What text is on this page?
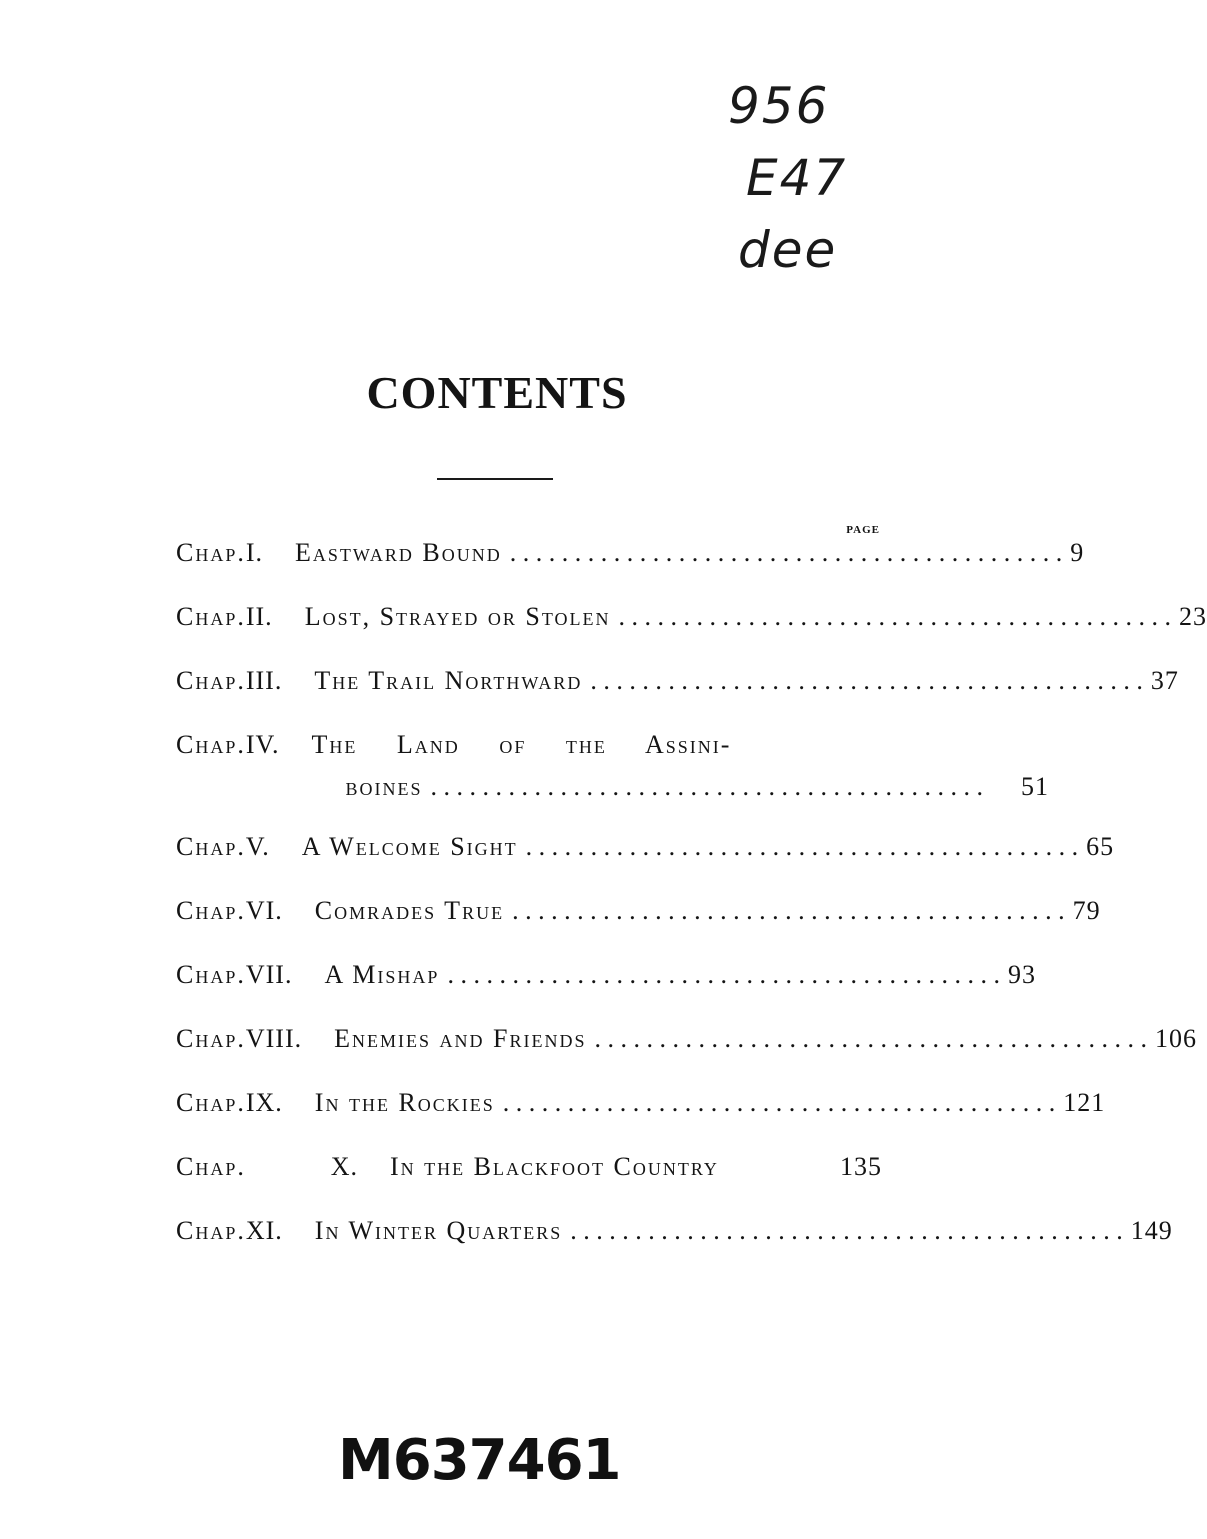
956
E47
dee
CONTENTS
PAGE
Chap. I. Eastward Bound . . .	9
Chap. II. Lost, Strayed or Stolen . . .	23
Chap. III. The Trail Northward . . .	37
Chap. IV. The Land of the Assini-
boines . . .	51
Chap. V. A Welcome Sight . . .	65
Chap. VI. Comrades True . . .	79
Chap. VII. A Mishap . . .	93
Chap. VIII. Enemies and Friends . . .	106
Chap. IX. In the Rockies . . .	121
Chap.	X. In the Blackfoot Country	135
Chap. XI. In Winter Quarters . . .	149
M637461
